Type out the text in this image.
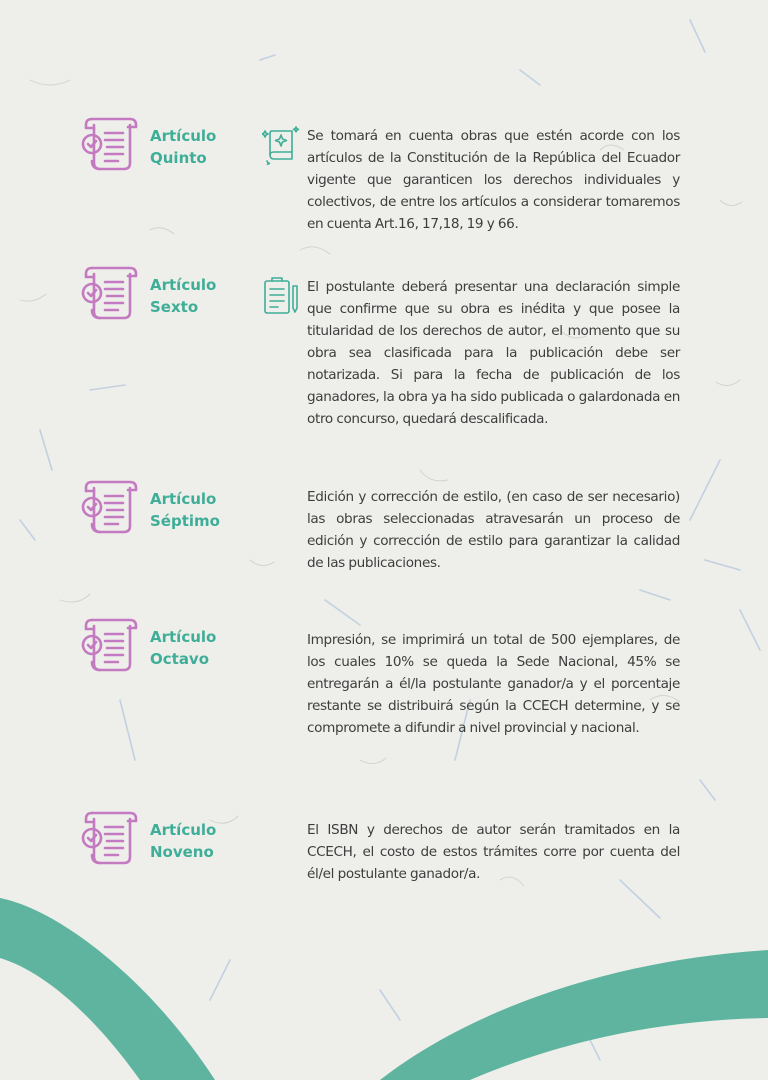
Artículo
Quinto
Se tomará en cuenta obras que estén acorde con los artículos de la Constitución de la República del Ecuador vigente que garanticen los derechos individuales y colectivos, de entre los artículos a considerar tomaremos en cuenta Art.16, 17,18, 19 y 66.
Artículo
Sexto
El postulante deberá presentar una declaración simple que confirme que su obra es inédita y que posee la titularidad de los derechos de autor, el momento que su obra sea clasificada para la publicación debe ser notarizada. Si para la fecha de publicación de los ganadores, la obra ya ha sido publicada o galardonada en otro concurso, quedará descalificada.
Artículo
Séptimo
Edición y corrección de estilo, (en caso de ser necesario) las obras seleccionadas atravesarán un proceso de edición y corrección de estilo para garantizar la calidad de las publicaciones.
Artículo
Octavo
Impresión, se imprimirá un total de 500 ejemplares, de los cuales 10% se queda la Sede Nacional, 45% se entregarán a él/la postulante ganador/a y el porcentaje restante se distribuirá según la CCECH determine, y se compromete a difundir a nivel provincial y nacional.
Artículo
Noveno
El ISBN y derechos de autor serán tramitados en la CCECH, el costo de estos trámites corre por cuenta del él/el postulante ganador/a.
